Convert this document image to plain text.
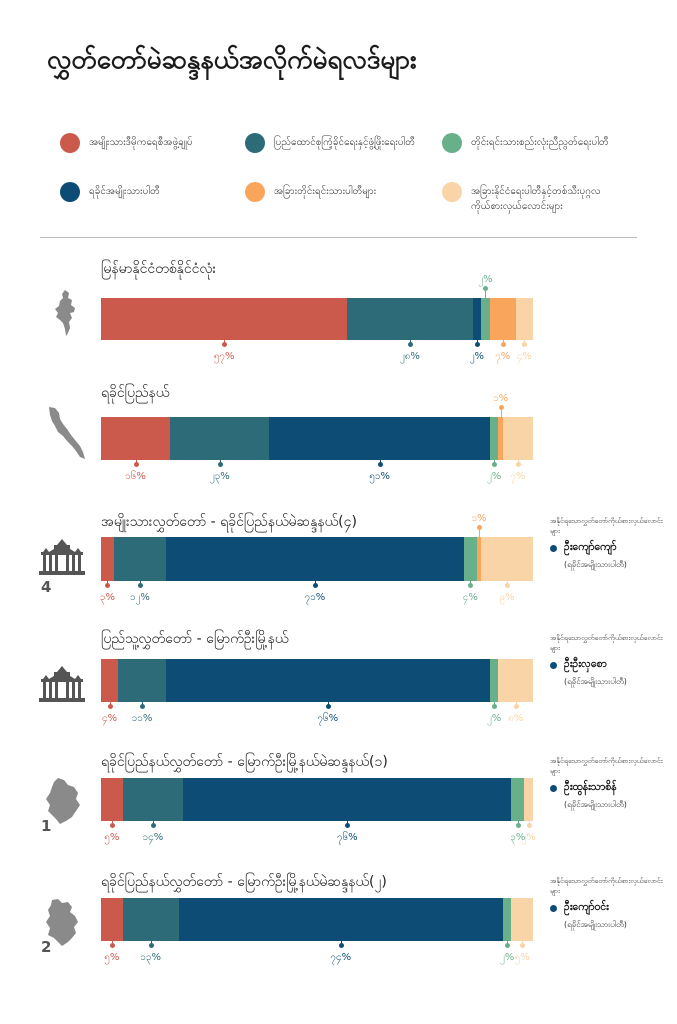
လွှတ်တော်မဲဆန္ဒနယ်အလိုက်မဲရလဒ်များ
အမျိုးသားဒီမိုကရေစီအဖွဲ့ချုပ်	ပြည်ထောင်စုကြံ့ခိုင်ရေးနှင့်ဖွံ့ဖြိုးရေးပါတီ	တိုင်းရင်းသားစည်းလုံးညီညွတ်ရေးပါတီ
ရခိုင်အမျိုးသားပါတီ	အခြားတိုင်းရင်းသားပါတီများ	အခြားနိုင်ငံရေးပါတီနှင့်တစ်သီးပုဂ္ဂလ ကိုယ်စားလှယ်လောင်းများ
မြန်မာနိုင်ငံတစ်နိုင်ငံလုံး
၅၇%	၂၈%	၂%
၂%
၇% ၄%
ရခိုင်ပြည်နယ်
၁၆%	၂၃%	၅၁%	၂%
၁%
၇%
အမျိုးသားလွှတ်တော် - ရခိုင်ပြည်နယ်မဲဆန္ဒနယ်(၄)
4
၃% ၁၂%	၇၁%	၄%
၁%
၉%
အနိုင်ရသောလွှတ်တော်ကိုယ်စားလှယ်လောင်းများ
ဦးကျော်ကျော်
(ရခိုင်အမျိုးသားပါတီ)
ပြည်သူ့လွှတ်တော် - မြောက်ဦးမြို့နယ်
၄% ၁၁%	၇၆%	၂% ၈%
အနိုင်ရသောလွှတ်တော်ကိုယ်စားလှယ်လောင်းများ
ဦးဦးလှစော
(ရခိုင်အမျိုးသားပါတီ)
ရခိုင်ပြည်နယ်လွှတ်တော် - မြောက်ဦးမြို့နယ်မဲဆန္ဒနယ်(၁)
1
၅% ၁၄%	၇၆%	၃%
၂%
အနိုင်ရသောလွှတ်တော်ကိုယ်စားလှယ်လောင်းများ
ဦးထွန်းသာစိန်
(ရခိုင်အမျိုးသားပါတီ)
ရခိုင်ပြည်နယ်လွှတ်တော် - မြောက်ဦးမြို့နယ်မဲဆန္ဒနယ်(၂)
2
၅% ၁၃%	၇၄%	၂% ၅%
အနိုင်ရသောလွှတ်တော်ကိုယ်စားလှယ်လောင်းများ
ဦးကျော်ဝင်း
(ရခိုင်အမျိုးသားပါတီ)
